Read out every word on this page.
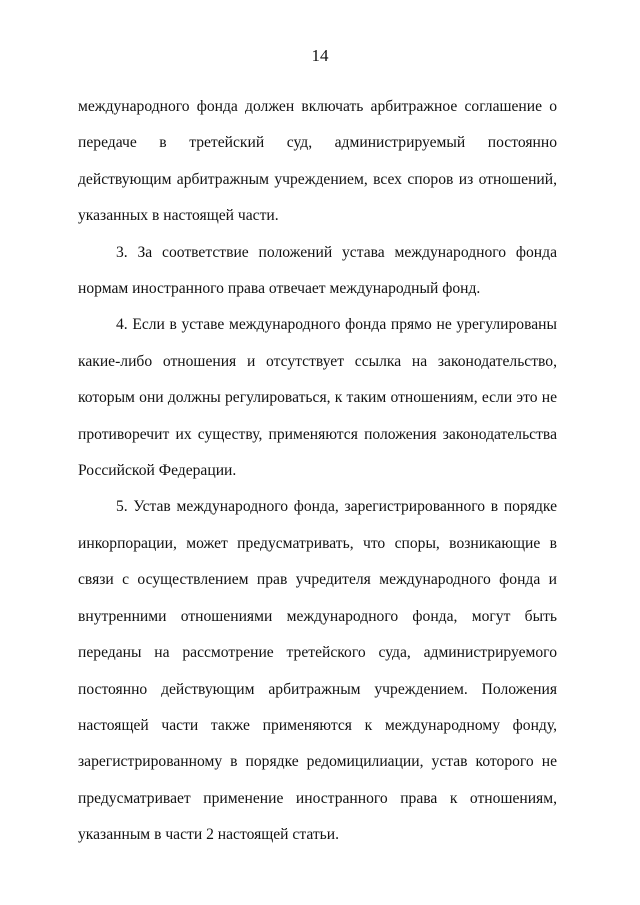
14

международного фонда должен включать арбитражное соглашение о передаче в третейский суд, администрируемый постоянно действующим арбитражным учреждением, всех споров из отношений, указанных в настоящей части.

3. За соответствие положений устава международного фонда нормам иностранного права отвечает международный фонд.

4. Если в уставе международного фонда прямо не урегулированы какие-либо отношения и отсутствует ссылка на законодательство, которым они должны регулироваться, к таким отношениям, если это не противоречит их существу, применяются положения законодательства Российской Федерации.

5. Устав международного фонда, зарегистрированного в порядке инкорпорации, может предусматривать, что споры, возникающие в связи с осуществлением прав учредителя международного фонда и внутренними отношениями международного фонда, могут быть переданы на рассмотрение третейского суда, администрируемого постоянно действующим арбитражным учреждением. Положения настоящей части также применяются к международному фонду, зарегистрированному в порядке редомицилиации, устав которого не предусматривает применение иностранного права к отношениям, указанным в части 2 настоящей статьи.
